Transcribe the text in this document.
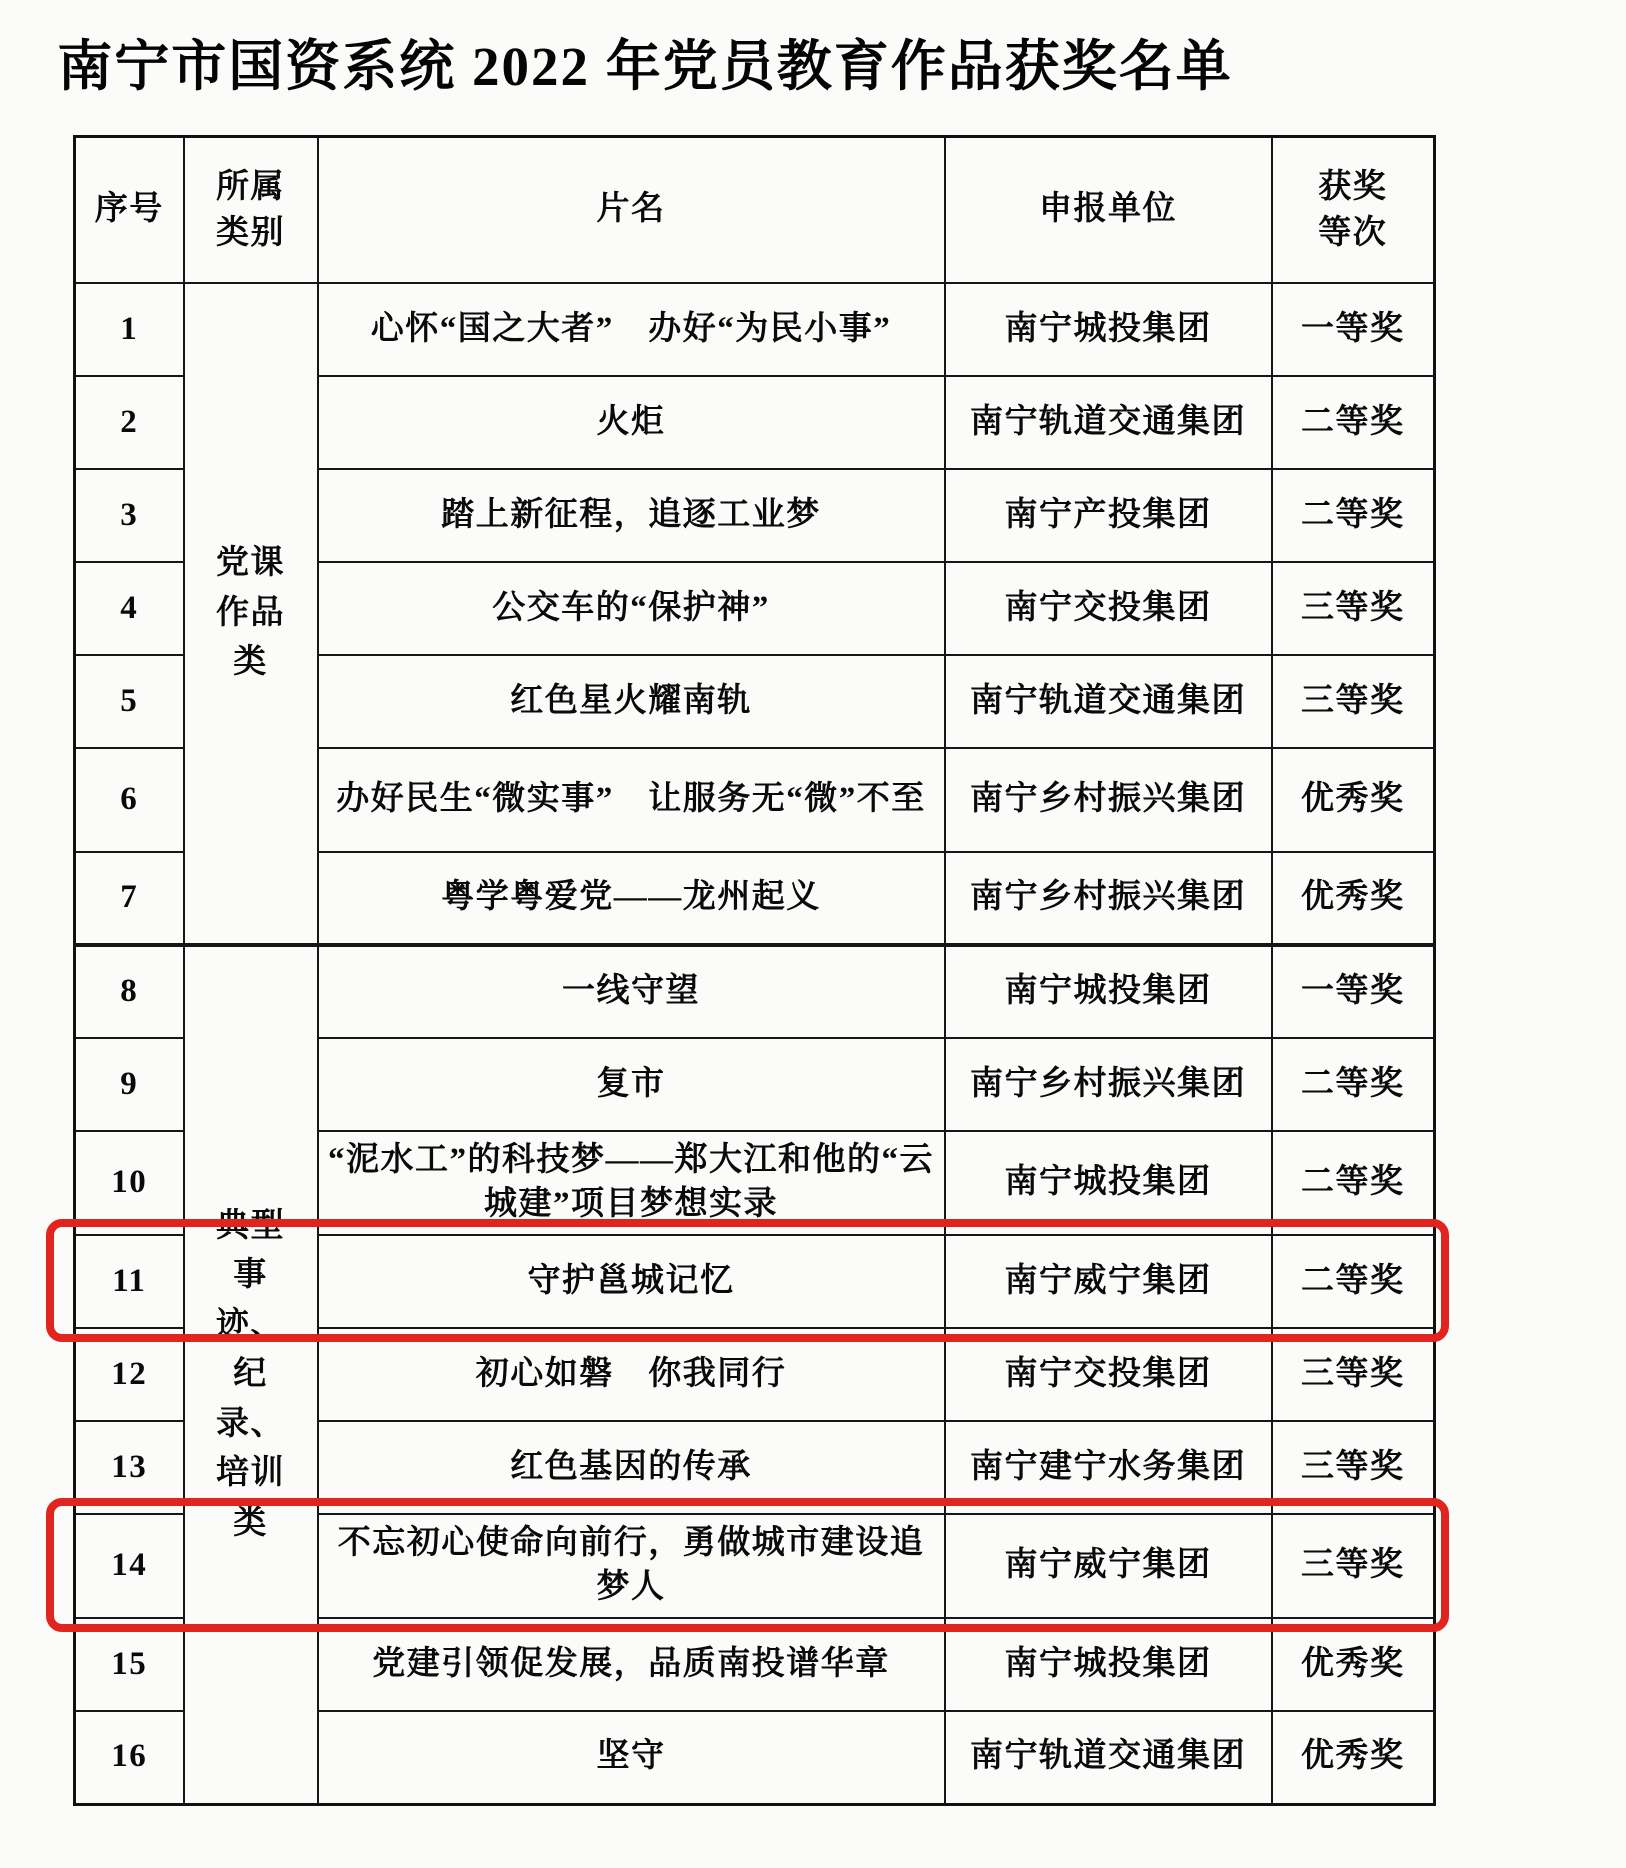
南宁市国资系统 2022 年党员教育作品获奖名单
序号	所属类别	片名	申报单位	获奖等次
1	党课作品类	心怀“国之大者”　办好“为民小事”	南宁城投集团	一等奖
2		火炬	南宁轨道交通集团	二等奖
3		踏上新征程，追逐工业梦	南宁产投集团	二等奖
4		公交车的“保护神”	南宁交投集团	三等奖
5		红色星火耀南轨	南宁轨道交通集团	三等奖
6		办好民生“微实事”　让服务无“微”不至	南宁乡村振兴集团	优秀奖
7		粤学粤爱党——龙州起义	南宁乡村振兴集团	优秀奖
8	典型事迹、纪录、培训类	一线守望	南宁城投集团	一等奖
9		复市	南宁乡村振兴集团	二等奖
10		“泥水工”的科技梦——郑大江和他的“云城建”项目梦想实录	南宁城投集团	二等奖
11		守护邕城记忆	南宁威宁集团	二等奖
12		初心如磐　你我同行	南宁交投集团	三等奖
13		红色基因的传承	南宁建宁水务集团	三等奖
14		不忘初心使命向前行，勇做城市建设追梦人	南宁威宁集团	三等奖
15		党建引领促发展，品质南投谱华章	南宁城投集团	优秀奖
16		坚守	南宁轨道交通集团	优秀奖
